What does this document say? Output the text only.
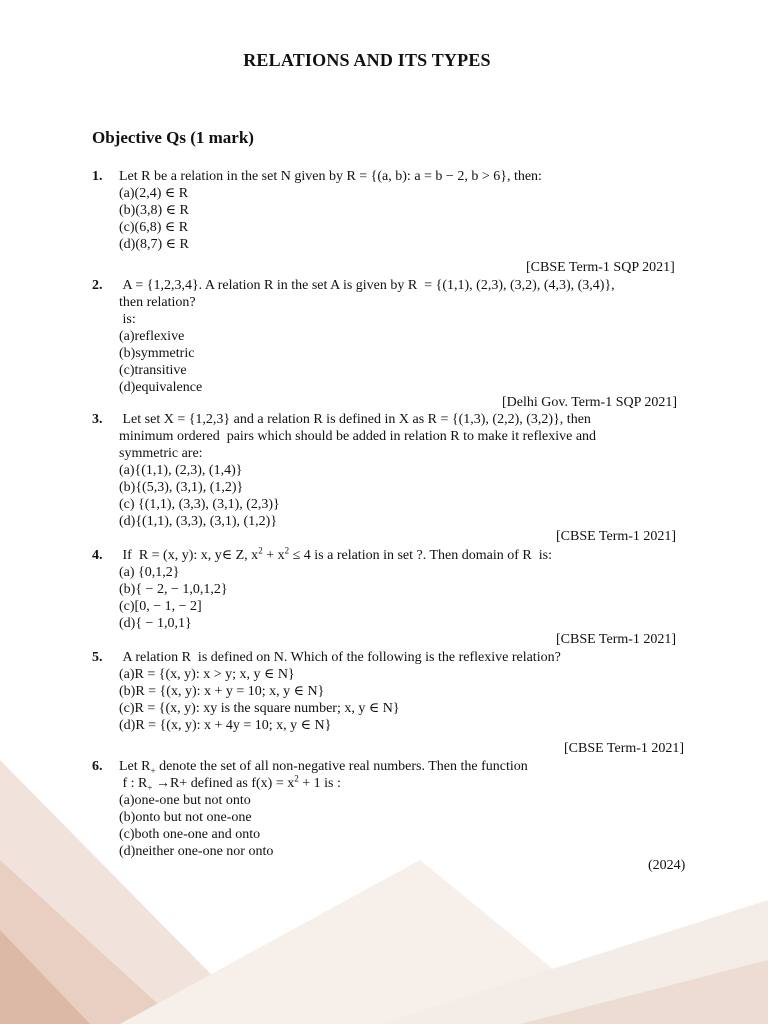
RELATIONS AND ITS TYPES
Objective Qs (1 mark)
1. Let R be a relation in the set N given by R = {(a, b): a = b − 2, b > 6}, then:
(a)(2,4) ∈ R
(b)(3,8) ∈ R
(c)(6,8) ∈ R
(d)(8,7) ∈ R
[CBSE Term-1 SQP 2021]
2. A = {1,2,3,4}. A relation R in the set A is given by R  = {(1,1), (2,3), (3,2), (4,3), (3,4)},
then relation?
is:
(a)reflexive
(b)symmetric
(c)transitive
(d)equivalence
[Delhi Gov. Term-1 SQP 2021]
3. Let set X = {1,2,3} and a relation R is defined in X as R = {(1,3), (2,2), (3,2)}, then
minimum ordered  pairs which should be added in relation R to make it reflexive and
symmetric are:
(a){(1,1), (2,3), (1,4)}
(b){(5,3), (3,1), (1,2)}
(c) {(1,1), (3,3), (3,1), (2,3)}
(d){(1,1), (3,3), (3,1), (1,2)}
[CBSE Term-1 2021]
4. If  R = (x, y): x, y∈ Z, $x^2 + x^2 \le 4$ is a relation in set ?. Then domain of R  is:
(a) {0,1,2}
(b){ − 2, − 1,0,1,2}
(c)[0, − 1, − 2]
(d){ − 1,0,1}
[CBSE Term-1 2021]
5. A relation R  is defined on N. Which of the following is the reflexive relation?
(a)R = {(x, y): x > y; x, y ∈ N}
(b)R = {(x, y): x + y = 10; x, y ∈ N}
(c)R = {(x, y): xy is the square number; x, y ∈ N}
(d)R = {(x, y): x + 4y = 10; x, y ∈ N}
[CBSE Term-1 2021]
6. Let $R_+$ denote the set of all non-negative real numbers. Then the function
f : $R_+ \to R+$ defined as $f(x) = x^2 + 1$ is :
(a)one-one but not onto
(b)onto but not one-one
(c)both one-one and onto
(d)neither one-one nor onto
(2024)
